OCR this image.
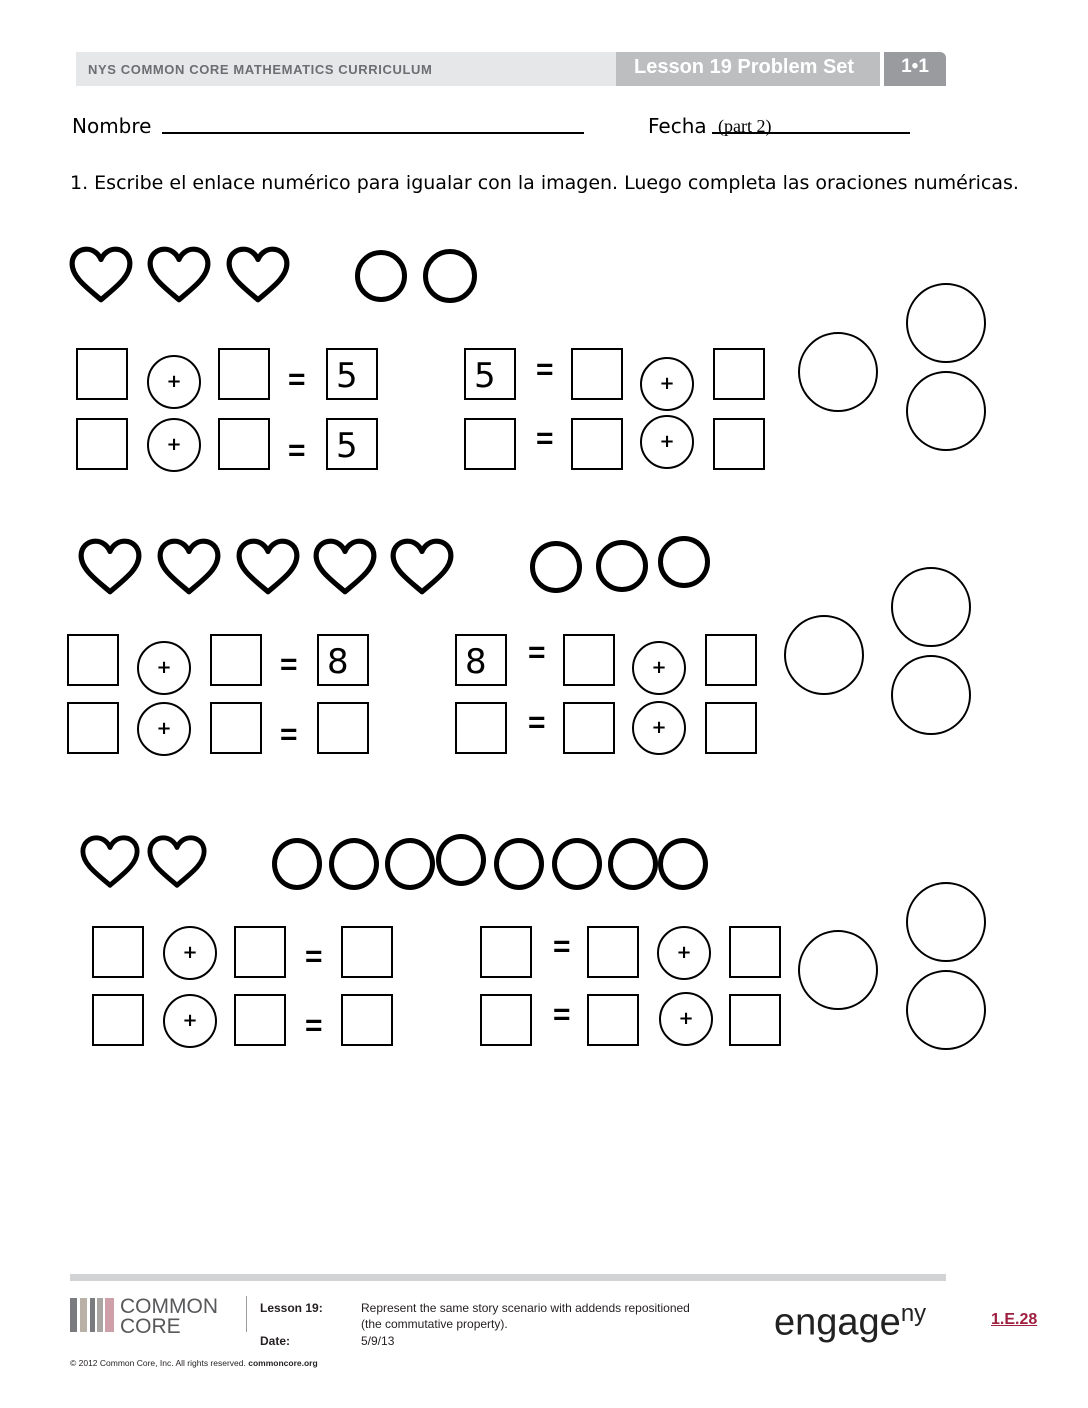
NYS COMMON CORE MATHEMATICS CURRICULUM	Lesson 19 Problem Set	1•1
Nombre	Fecha (part 2)
1. Escribe el enlace numérico para igualar con la imagen. Luego completa las oraciones numéricas.
+	= 5
+	= 5
5 =	+
=	+
+	= 8
+	=
8 =	+
=	+
+	=
+	=
=	+
=	+
COMMON
CORE
Lesson 19:	Represent the same story scenario with addends repositioned
(the commutative property).
Date:	5/9/13	engage$^{ny}$	1.E.28
© 2012 Common Core, Inc. All rights reserved. commoncore.org
